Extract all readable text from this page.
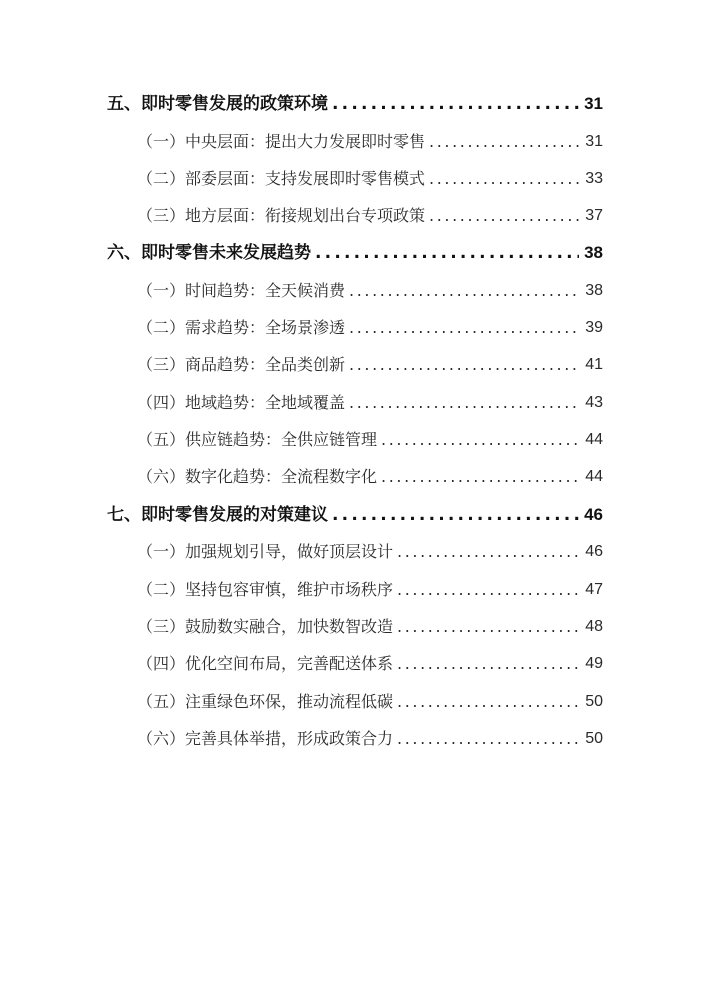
五、即时零售发展的政策环境 .....	31
（一）中央层面：提出大力发展即时零售 .....	31
（二）部委层面：支持发展即时零售模式 .....	33
（三）地方层面：衔接规划出台专项政策 .....	37
六、即时零售未来发展趋势 .....	38
（一）时间趋势：全天候消费 .....	38
（二）需求趋势：全场景渗透 .....	39
（三）商品趋势：全品类创新 .....	41
（四）地域趋势：全地域覆盖 .....	43
（五）供应链趋势：全供应链管理 .....	44
（六）数字化趋势：全流程数字化 .....	44
七、即时零售发展的对策建议 .....	46
（一）加强规划引导，做好顶层设计 .....	46
（二）坚持包容审慎，维护市场秩序 .....	47
（三）鼓励数实融合，加快数智改造 .....	48
（四）优化空间布局，完善配送体系 .....	49
（五）注重绿色环保，推动流程低碳 .....	50
（六）完善具体举措，形成政策合力 .....	50
